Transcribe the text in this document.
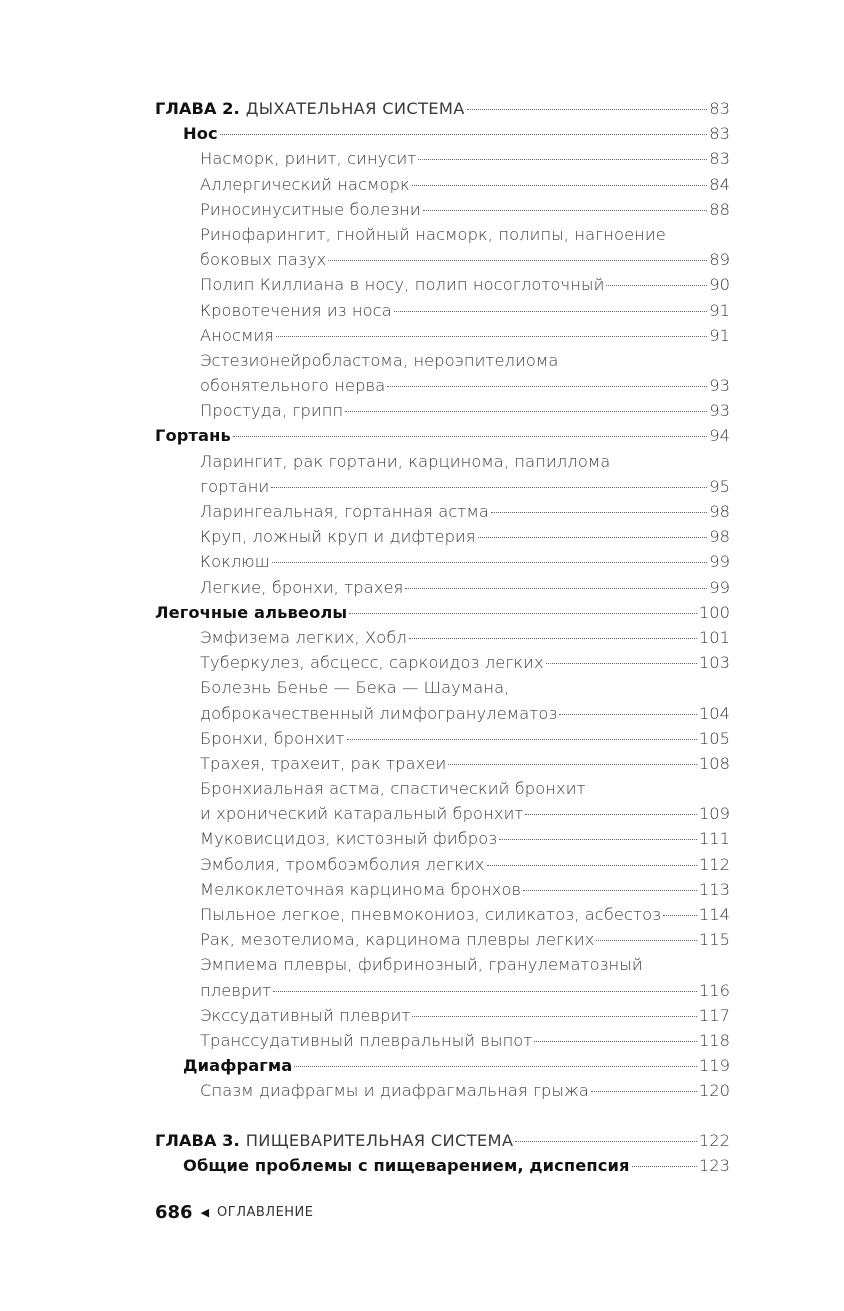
ГЛАВА 2. ДЫХАТЕЛЬНАЯ СИСТЕМА	83
Нос	83
Насморк, ринит, синусит	83
Аллергический насморк	84
Риносинуситные болезни	88
Ринофарингит, гнойный насморк, полипы, нагноение
боковых пазух	89
Полип Киллиана в носу, полип носоглоточный	90
Кровотечения из носа	91
Аносмия	91
Эстезионейробластома, нероэпителиома
обонятельного нерва	93
Простуда, грипп	93
Гортань	94
Ларингит, рак гортани, карцинома, папиллома
гортани	95
Ларингеальная, гортанная астма	98
Круп, ложный круп и дифтерия	98
Коклюш	99
Легкие, бронхи, трахея	99
Легочные альвеолы	100
Эмфизема легких, Хобл	101
Туберкулез, абсцесс, саркоидоз легких	103
Болезнь Бенье — Бека — Шаумана,
доброкачественный лимфогранулематоз	104
Бронхи, бронхит	105
Трахея, трахеит, рак трахеи	108
Бронхиальная астма, спастический бронхит
и хронический катаральный бронхит	109
Муковисцидоз, кистозный фиброз	111
Эмболия, тромбоэмболия легких	112
Мелкоклеточная карцинома бронхов	113
Пыльное легкое, пневмокониоз, силикатоз, асбестоз 114
Рак, мезотелиома, карцинома плевры легких	115
Эмпиема плевры, фибринозный, гранулематозный
плеврит	116
Экссудативный плеврит	117
Транссудативный плевральный выпот	118
Диафрагма	119
Спазм диафрагмы и диафрагмальная грыжа	120
ГЛАВА 3. ПИЩЕВАРИТЕЛЬНАЯ СИСТЕМА	122
Общие проблемы с пищеварением, диспепсия	123
686 ◀ ОГЛАВЛЕНИЕ
